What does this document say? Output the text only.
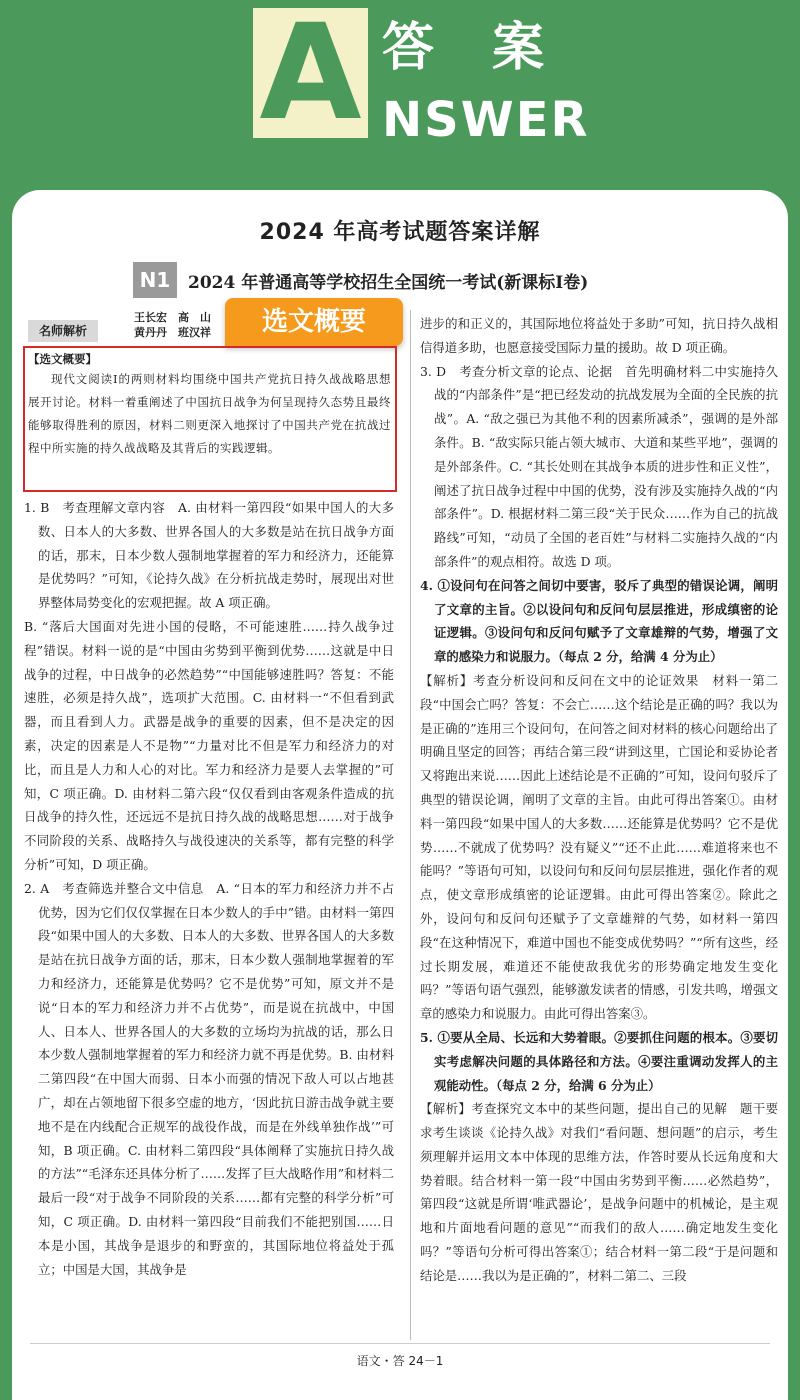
A 答案
NSWER
2024 年高考试题答案详解
N1	2024 年普通高等学校招生全国统一考试(新课标Ⅰ卷)
名师解析
王长宏　高　山
黄丹丹　班汉祥	选文概要
【选文概要】
现代文阅读Ⅰ的两则材料均围绕中国共产党抗日持久战战略思想展开讨论。材料一着重阐述了中国抗日战争为何呈现持久态势且最终能够取得胜利的原因，材料二则更深入地探讨了中国共产党在抗战过程中所实施的持久战战略及其背后的实践逻辑。

1. B　考查理解文章内容　A. 由材料一第四段“如果中国人的大多数、日本人的大多数、世界各国人的大多数是站在抗日战争方面的话，那末，日本少数人强制地掌握着的军力和经济力，还能算是优势吗？”可知，《论持久战》在分析抗战走势时，展现出对世界整体局势变化的宏观把握。故 A 项正确。

B. “落后大国面对先进小国的侵略，不可能速胜……持久战争过程”错误。材料一说的是“中国由劣势到平衡到优势……这就是中日战争的过程，中日战争的必然趋势”“中国能够速胜吗？答复：不能速胜，必须是持久战”，选项扩大范围。C. 由材料一“不但看到武器，而且看到人力。武器是战争的重要的因素，但不是决定的因素，决定的因素是人不是物”“力量对比不但是军力和经济力的对比，而且是人力和人心的对比。军力和经济力是要人去掌握的”可知，C 项正确。D. 由材料二第六段“仅仅看到由客观条件造成的抗日战争的持久性，还远远不是抗日持久战的战略思想……对于战争不同阶段的关系、战略持久与战役速决的关系等，都有完整的科学分析”可知，D 项正确。

2. A　考查筛选并整合文中信息　A. “日本的军力和经济力并不占优势，因为它们仅仅掌握在日本少数人的手中”错。由材料一第四段“如果中国人的大多数、日本人的大多数、世界各国人的大多数是站在抗日战争方面的话，那末，日本少数人强制地掌握着的军力和经济力，还能算是优势吗？它不是优势”可知，原文并不是说“日本的军力和经济力并不占优势”，而是说在抗战中，中国人、日本人、世界各国人的大多数的立场均为抗战的话，那么日本少数人强制地掌握着的军力和经济力就不再是优势。B. 由材料二第四段“在中国大而弱、日本小而强的情况下敌人可以占地甚广，却在占领地留下很多空虚的地方，‘因此抗日游击战争就主要地不是在内线配合正规军的战役作战，而是在外线单独作战’”可知，B 项正确。C. 由材料二第四段“具体阐释了实施抗日持久战的方法”“毛泽东还具体分析了……发挥了巨大战略作用”和材料二最后一段“对于战争不同阶段的关系……都有完整的科学分析”可知，C 项正确。D. 由材料一第四段“目前我们不能把别国……日本是小国，其战争是退步的和野蛮的，其国际地位将益处于孤立；中国是大国，其战争是

进步的和正义的，其国际地位将益处于多助”可知，抗日持久战相信得道多助，也愿意接受国际力量的援助。故 D 项正确。

3. D　考查分析文章的论点、论据　首先明确材料二中实施持久战的“内部条件”是“把已经发动的抗战发展为全面的全民族的抗战”。A. “敌之强已为其他不利的因素所减杀”，强调的是外部条件。B. “敌实际只能占领大城市、大道和某些平地”，强调的是外部条件。C. “其长处则在其战争本质的进步性和正义性”，阐述了抗日战争过程中中国的优势，没有涉及实施持久战的“内部条件”。D. 根据材料二第三段“关于民众……作为自己的抗战路线”可知，“动员了全国的老百姓”与材料二实施持久战的“内部条件”的观点相符。故选 D 项。

4. ①设问句在问答之间切中要害，驳斥了典型的错误论调，阐明了文章的主旨。②以设问句和反问句层层推进，形成缜密的论证逻辑。③设问句和反问句赋予了文章雄辩的气势，增强了文章的感染力和说服力。（每点 2 分，给满 4 分为止）

【解析】考查分析设问和反问在文中的论证效果　材料一第二段“中国会亡吗？答复：不会亡……这个结论是正确的吗？我以为是正确的”连用三个设问句，在问答之间对材料的核心问题给出了明确且坚定的回答；再结合第三段“讲到这里，亡国论和妥协论者又将跑出来说……因此上述结论是不正确的”可知，设问句驳斥了典型的错误论调，阐明了文章的主旨。由此可得出答案①。由材料一第四段“如果中国人的大多数……还能算是优势吗？它不是优势……不就成了优势吗？没有疑义”“还不止此……难道将来也不能吗？”等语句可知，以设问句和反问句层层推进，强化作者的观点，使文章形成缜密的论证逻辑。由此可得出答案②。除此之外，设问句和反问句还赋予了文章雄辩的气势，如材料一第四段“在这种情况下，难道中国也不能变成优势吗？”“所有这些，经过长期发展，难道还不能使敌我优劣的形势确定地发生变化吗？”等语句语气强烈，能够激发读者的情感，引发共鸣，增强文章的感染力和说服力。由此可得出答案③。

5. ①要从全局、长远和大势着眼。②要抓住问题的根本。③要切实考虑解决问题的具体路径和方法。④要注重调动发挥人的主观能动性。（每点 2 分，给满 6 分为止）

【解析】考查探究文本中的某些问题，提出自己的见解　题干要求考生谈谈《论持久战》对我们“看问题、想问题”的启示，考生须理解并运用文本中体现的思维方法，作答时要从长远角度和大势着眼。结合材料一第一段“中国由劣势到平衡……必然趋势”，第四段“这就是所谓‘唯武器论’，是战争问题中的机械论，是主观地和片面地看问题的意见”“而我们的敌人……确定地发生变化吗？”等语句分析可得出答案①；结合材料一第二段“于是问题和结论是……我以为是正确的”，材料二第二、三段

语文・答 24－1
